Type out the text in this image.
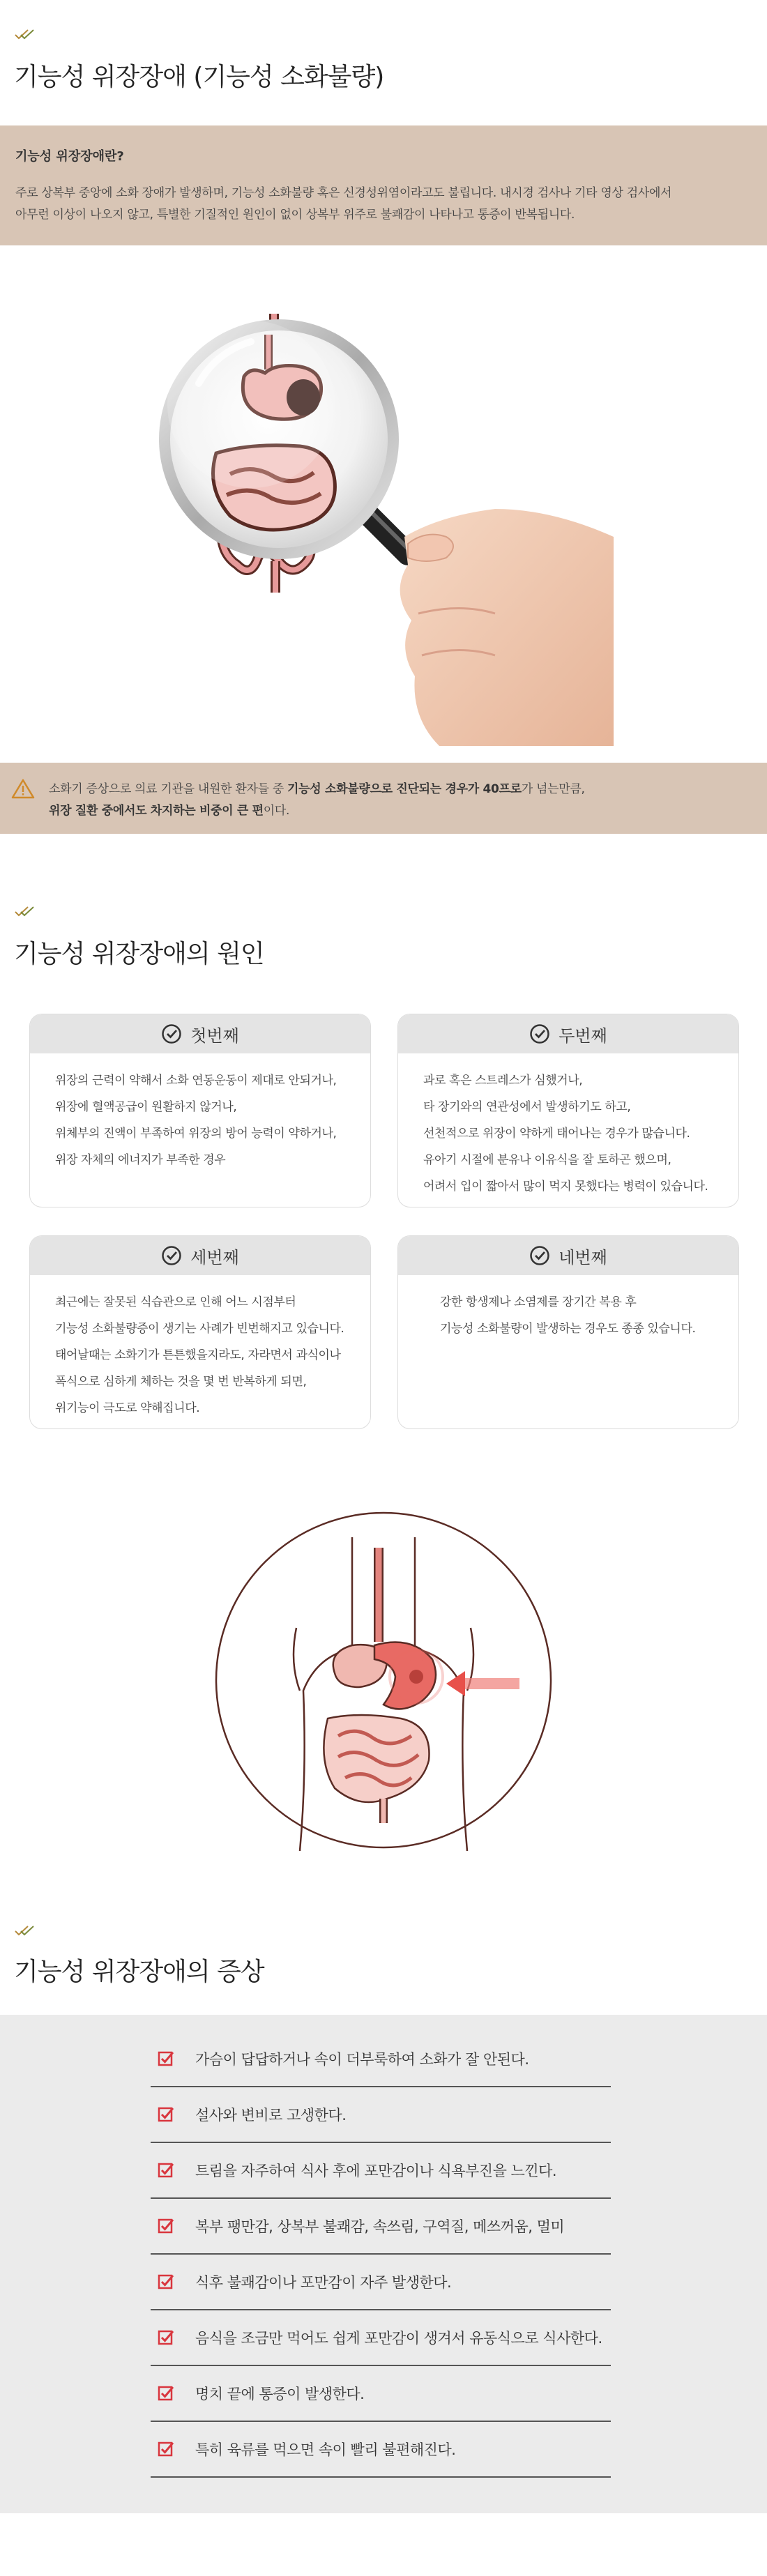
기능성 위장장애 (기능성 소화불량)
기능성 위장장애란?

주로 상복부 중앙에 소화 장애가 발생하며, 기능성 소화불량 혹은 신경성위염이라고도 불립니다. 내시경 검사나 기타 영상 검사에서

아무런 이상이 나오지 않고, 특별한 기질적인 원인이 없이 상복부 위주로 불쾌감이 나타나고 통증이 반복됩니다.

소화기 증상으로 의료 기관을 내원한 환자들 중 기능성 소화불량으로 진단되는 경우가 40프로가 넘는만큼,

위장 질환 중에서도 차지하는 비중이 큰 편이다.

기능성 위장장애의 원인
첫번째

위장의 근력이 약해서 소화 연동운동이 제대로 안되거나,

위장에 혈액공급이 원활하지 않거나,

위체부의 진액이 부족하여 위장의 방어 능력이 약하거나,

위장 자체의 에너지가 부족한 경우

두번째

과로 혹은 스트레스가 심했거나,

타 장기와의 연관성에서 발생하기도 하고,

선천적으로 위장이 약하게 태어나는 경우가 많습니다.

유아기 시절에 분유나 이유식을 잘 토하곤 했으며,

어려서 입이 짧아서 많이 먹지 못했다는 병력이 있습니다.

세번째

최근에는 잘못된 식습관으로 인해 어느 시점부터

기능성 소화불량증이 생기는 사례가 빈번해지고 있습니다.

태어날때는 소화기가 튼튼했을지라도, 자라면서 과식이나

폭식으로 심하게 체하는 것을 몇 번 반복하게 되면,

위기능이 극도로 약해집니다.

네번째

강한 항생제나 소염제를 장기간 복용 후

기능성 소화불량이 발생하는 경우도 종종 있습니다.

기능성 위장장애의 증상
가슴이 답답하거나 속이 더부룩하여 소화가 잘 안된다.
설사와 변비로 고생한다.
트림을 자주하여 식사 후에 포만감이나 식욕부진을 느낀다.
복부 팽만감, 상복부 불쾌감, 속쓰림, 구역질, 메쓰꺼움, 멀미
식후 불쾌감이나 포만감이 자주 발생한다.
음식을 조금만 먹어도 쉽게 포만감이 생겨서 유동식으로 식사한다.
명치 끝에 통증이 발생한다.
특히 육류를 먹으면 속이 빨리 불편해진다.
